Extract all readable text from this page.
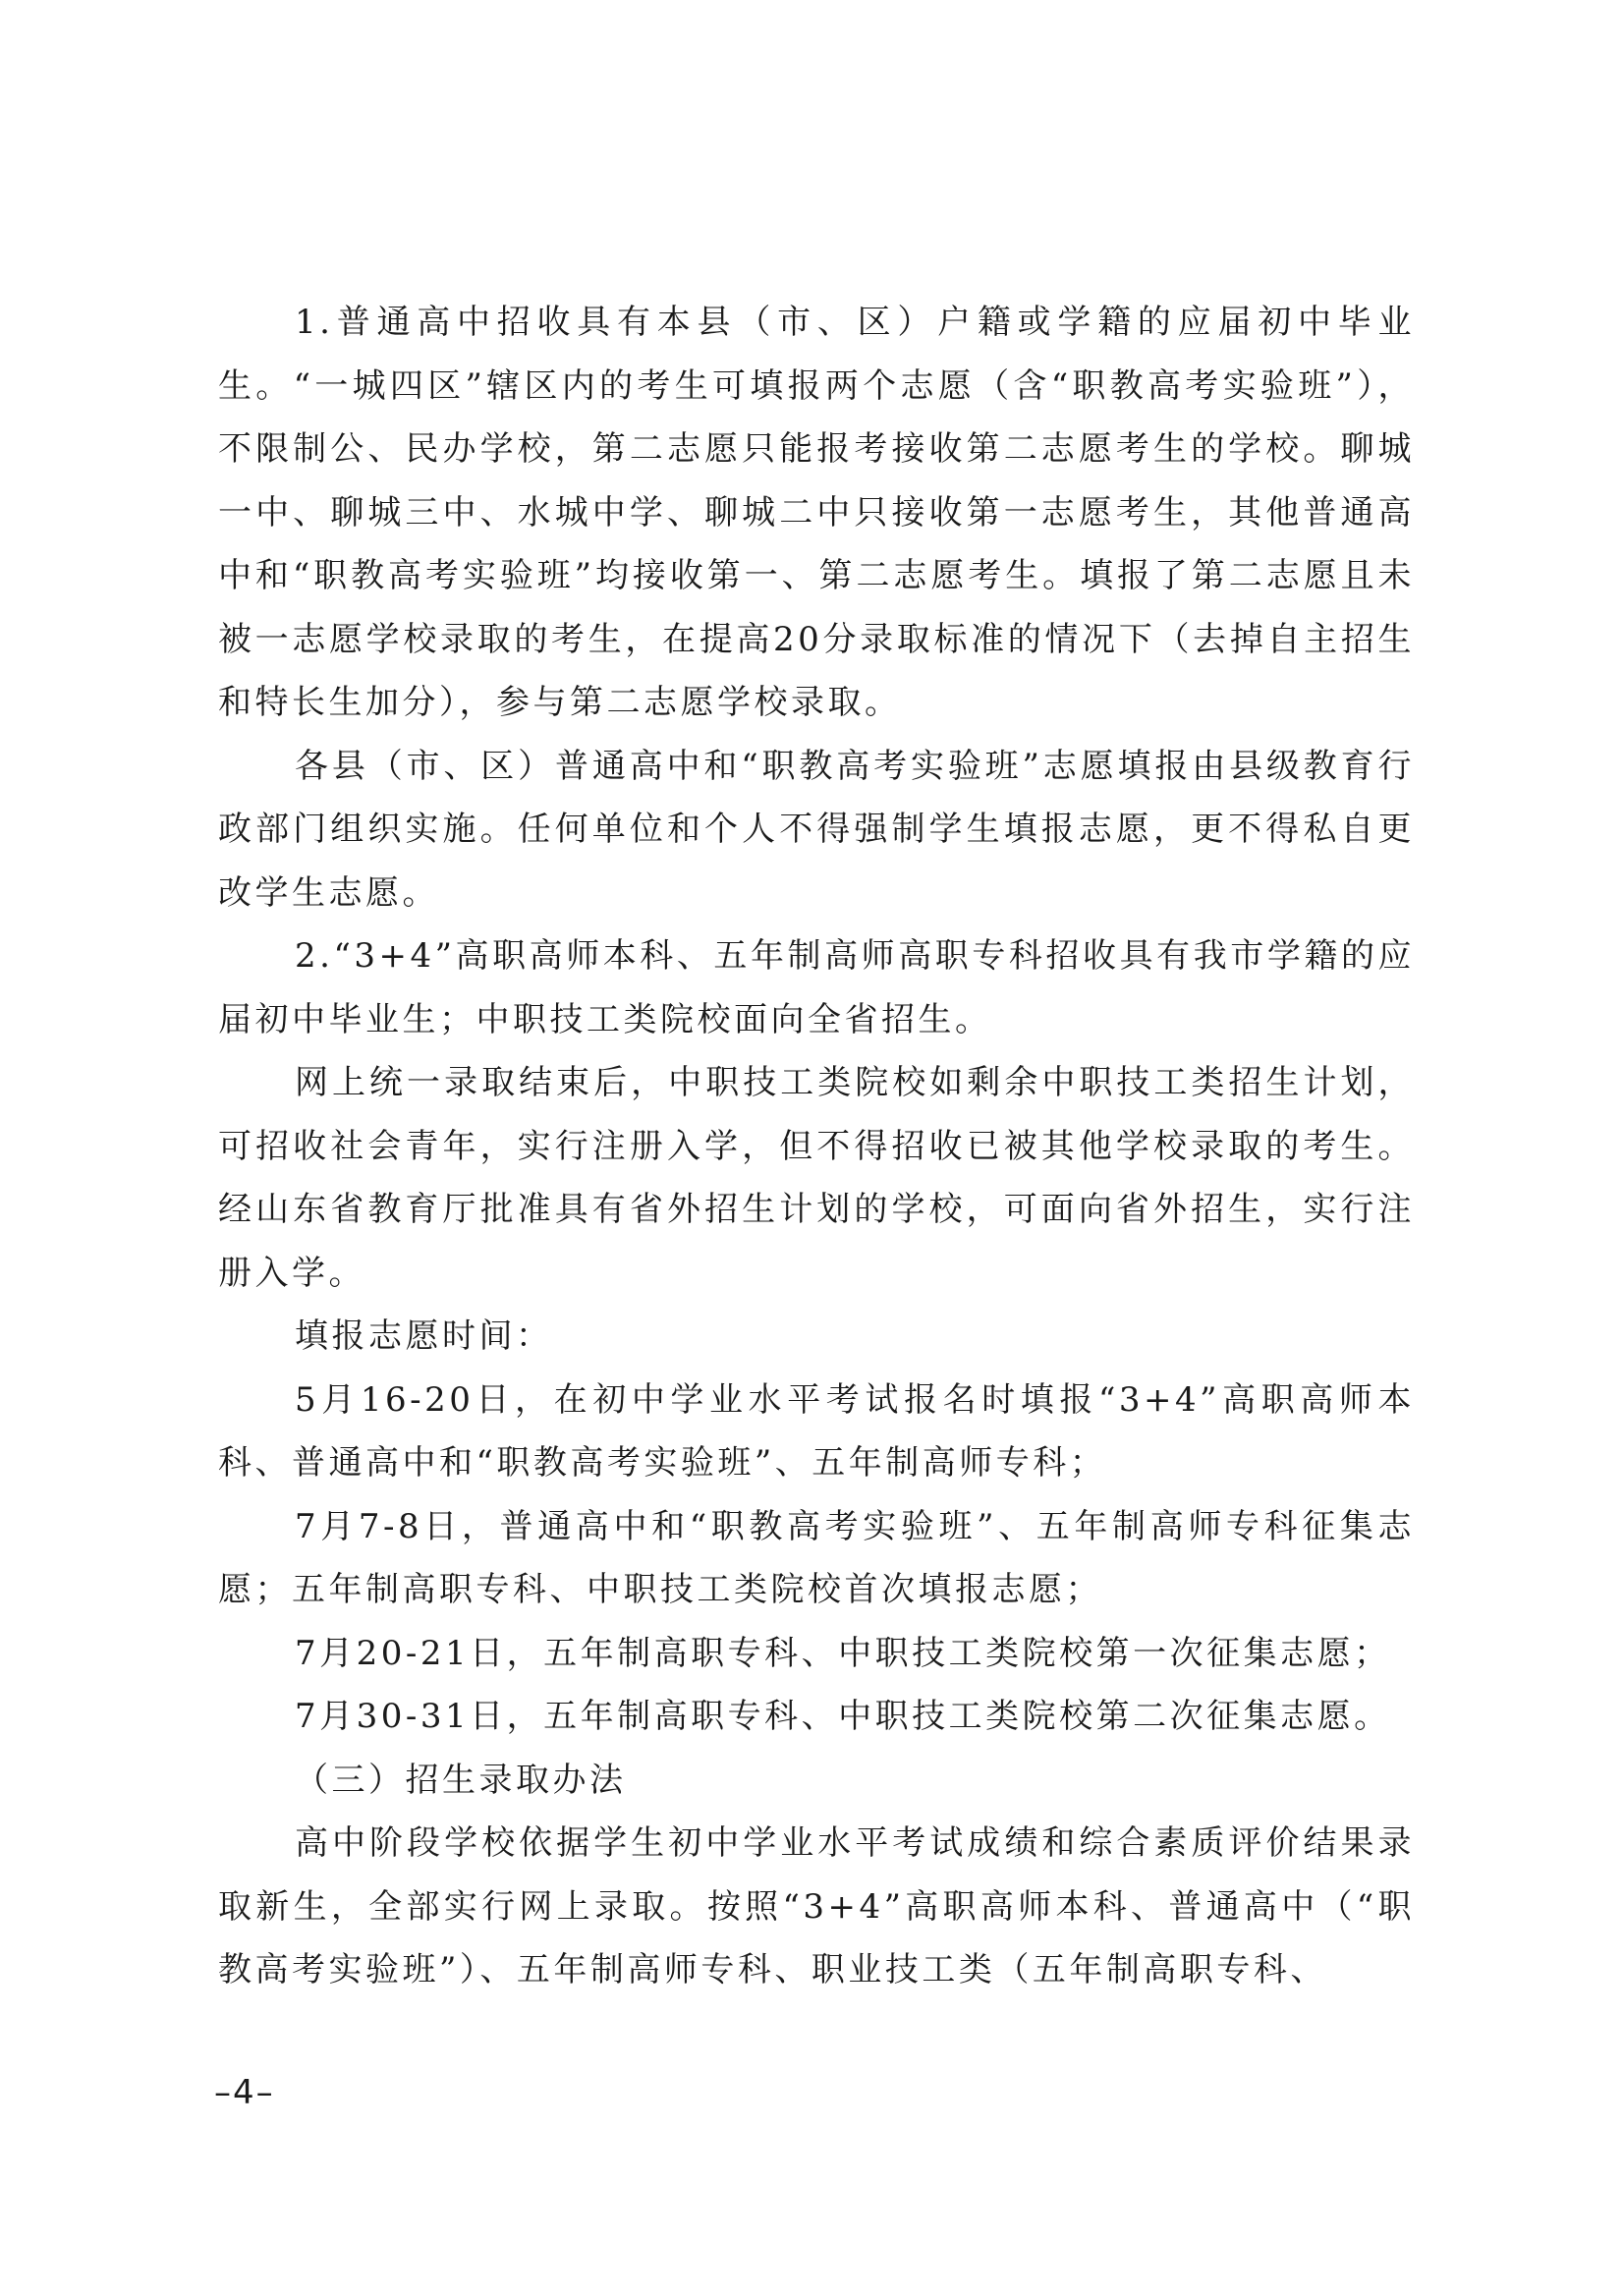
1.普通高中招收具有本县（市、区）户籍或学籍的应届初中毕业生。“一城四区”辖区内的考生可填报两个志愿（含“职教高考实验班”），不限制公、民办学校，第二志愿只能报考接收第二志愿考生的学校。聊城一中、聊城三中、水城中学、聊城二中只接收第一志愿考生，其他普通高中和“职教高考实验班”均接收第一、第二志愿考生。填报了第二志愿且未被一志愿学校录取的考生，在提高20分录取标准的情况下（去掉自主招生和特长生加分），参与第二志愿学校录取。

各县（市、区）普通高中和“职教高考实验班”志愿填报由县级教育行政部门组织实施。任何单位和个人不得强制学生填报志愿，更不得私自更改学生志愿。

2.“3+4”高职高师本科、五年制高师高职专科招收具有我市学籍的应届初中毕业生；中职技工类院校面向全省招生。

网上统一录取结束后，中职技工类院校如剩余中职技工类招生计划，可招收社会青年，实行注册入学，但不得招收已被其他学校录取的考生。经山东省教育厅批准具有省外招生计划的学校，可面向省外招生，实行注册入学。

填报志愿时间：

5月16-20日，在初中学业水平考试报名时填报“3+4”高职高师本科、普通高中和“职教高考实验班”、五年制高师专科；

7月7-8日，普通高中和“职教高考实验班”、五年制高师专科征集志愿；五年制高职专科、中职技工类院校首次填报志愿；

7月20-21日，五年制高职专科、中职技工类院校第一次征集志愿；

7月30-31日，五年制高职专科、中职技工类院校第二次征集志愿。

（三）招生录取办法

高中阶段学校依据学生初中学业水平考试成绩和综合素质评价结果录取新生，全部实行网上录取。按照“3+4”高职高师本科、普通高中（“职教高考实验班”）、五年制高师专科、职业技工类（五年制高职专科、

–4–
